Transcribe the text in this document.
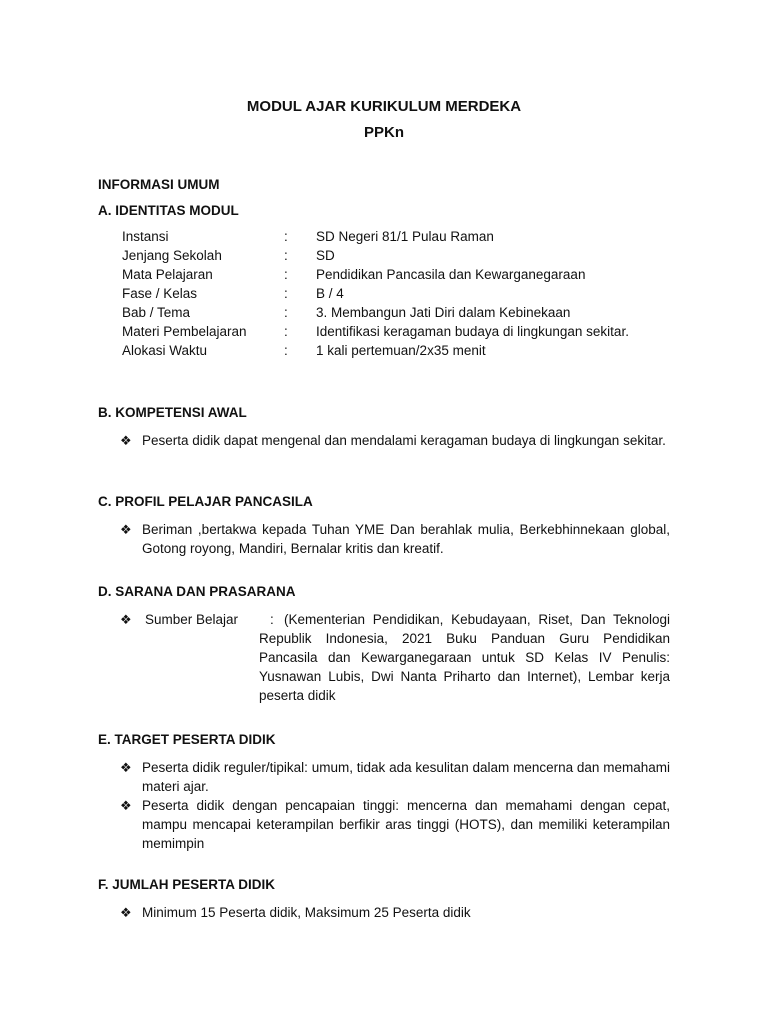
MODUL AJAR KURIKULUM MERDEKA
PPKn
INFORMASI UMUM
A. IDENTITAS MODUL
Instansi	: SD Negeri 81/1 Pulau Raman
Jenjang Sekolah	: SD
Mata Pelajaran	: Pendidikan Pancasila dan Kewarganegaraan
Fase / Kelas	: B / 4
Bab / Tema	: 3. Membangun Jati Diri dalam Kebinekaan
Materi Pembelajaran	: Identifikasi keragaman budaya di lingkungan sekitar.
Alokasi Waktu	: 1 kali pertemuan/2x35 menit
B. KOMPETENSI AWAL
❖ Peserta didik dapat mengenal dan mendalami keragaman budaya di lingkungan sekitar.
C. PROFIL PELAJAR PANCASILA
❖ Beriman ,bertakwa kepada Tuhan YME Dan berahlak mulia, Berkebhinnekaan global, Gotong royong, Mandiri, Bernalar kritis dan kreatif.
D. SARANA DAN PRASARANA
❖ Sumber Belajar : (Kementerian Pendidikan, Kebudayaan, Riset, Dan Teknologi Republik Indonesia, 2021 Buku Panduan Guru Pendidikan Pancasila dan Kewarganegaraan untuk SD Kelas IV Penulis: Yusnawan Lubis, Dwi Nanta Priharto dan Internet), Lembar kerja peserta didik
E. TARGET PESERTA DIDIK
❖ Peserta didik reguler/tipikal: umum, tidak ada kesulitan dalam mencerna dan memahami materi ajar.
❖ Peserta didik dengan pencapaian tinggi: mencerna dan memahami dengan cepat, mampu mencapai keterampilan berfikir aras tinggi (HOTS), dan memiliki keterampilan memimpin
F. JUMLAH PESERTA DIDIK
❖ Minimum 15 Peserta didik, Maksimum 25 Peserta didik
